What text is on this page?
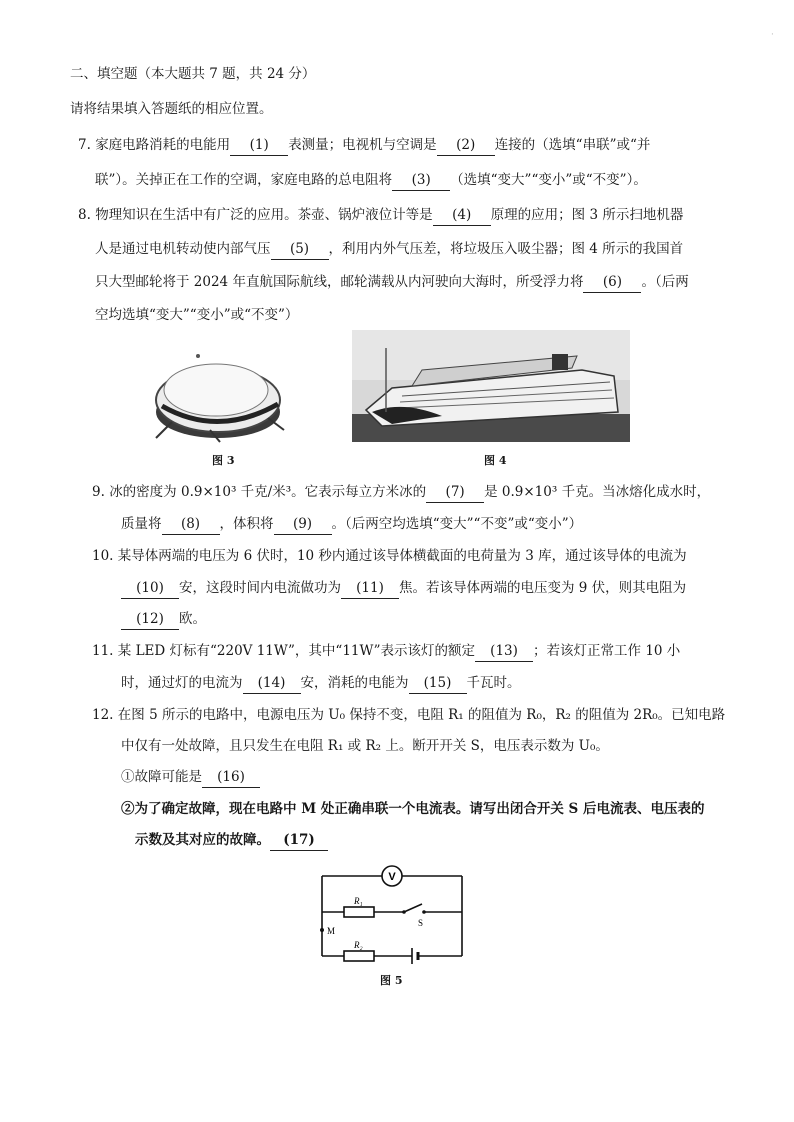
·
二、填空题（本大题共 7 题，共 24 分）
请将结果填入答题纸的相应位置。
7. 家庭电路消耗的电能用 (1) 表测量；电视机与空调是 (2) 连接的（选填“串联”或“并
联”）。关掉正在工作的空调，家庭电路的总电阻将 (3) （选填“变大”“变小”或“不变”）。
8. 物理知识在生活中有广泛的应用。茶壶、锅炉液位计等是 (4) 原理的应用；图 3 所示扫地机器
人是通过电机转动使内部气压 (5) ，利用内外气压差，将垃圾压入吸尘器；图 4 所示的我国首
只大型邮轮将于 2024 年直航国际航线，邮轮满载从内河驶向大海时，所受浮力将 (6) 。（后两
空均选填“变大”“变小”或“不变”）
图 3	图 4
9. 冰的密度为 0.9×10³ 千克/米³。它表示每立方米冰的 (7) 是 0.9×10³ 千克。当冰熔化成水时，
质量将 (8) ，体积将 (9) 。（后两空均选填“变大”“不变”或“变小”）
10. 某导体两端的电压为 6 伏时，10 秒内通过该导体横截面的电荷量为 3 库，通过该导体的电流为
(10) 安，这段时间内电流做功为 (11) 焦。若该导体两端的电压变为 9 伏，则其电阻为
(12) 欧。
11. 某 LED 灯标有“220V 11W”，其中“11W”表示该灯的额定 (13) ；若该灯正常工作 10 小
时，通过灯的电流为 (14) 安，消耗的电能为 (15) 千瓦时。
12. 在图 5 所示的电路中，电源电压为 U₀ 保持不变，电阻 R₁ 的阻值为 R₀，R₂ 的阻值为 2R₀。已知电路
中仅有一处故障，且只发生在电阻 R₁ 或 R₂ 上。断开开关 S，电压表示数为 U₀。
①故障可能是 (16)
②为了确定故障，现在电路中 M 处正确串联一个电流表。请写出闭合开关 S 后电流表、电压表的
示数及其对应的故障。 (17)
V
R₁
R₂
S
M
图 5
